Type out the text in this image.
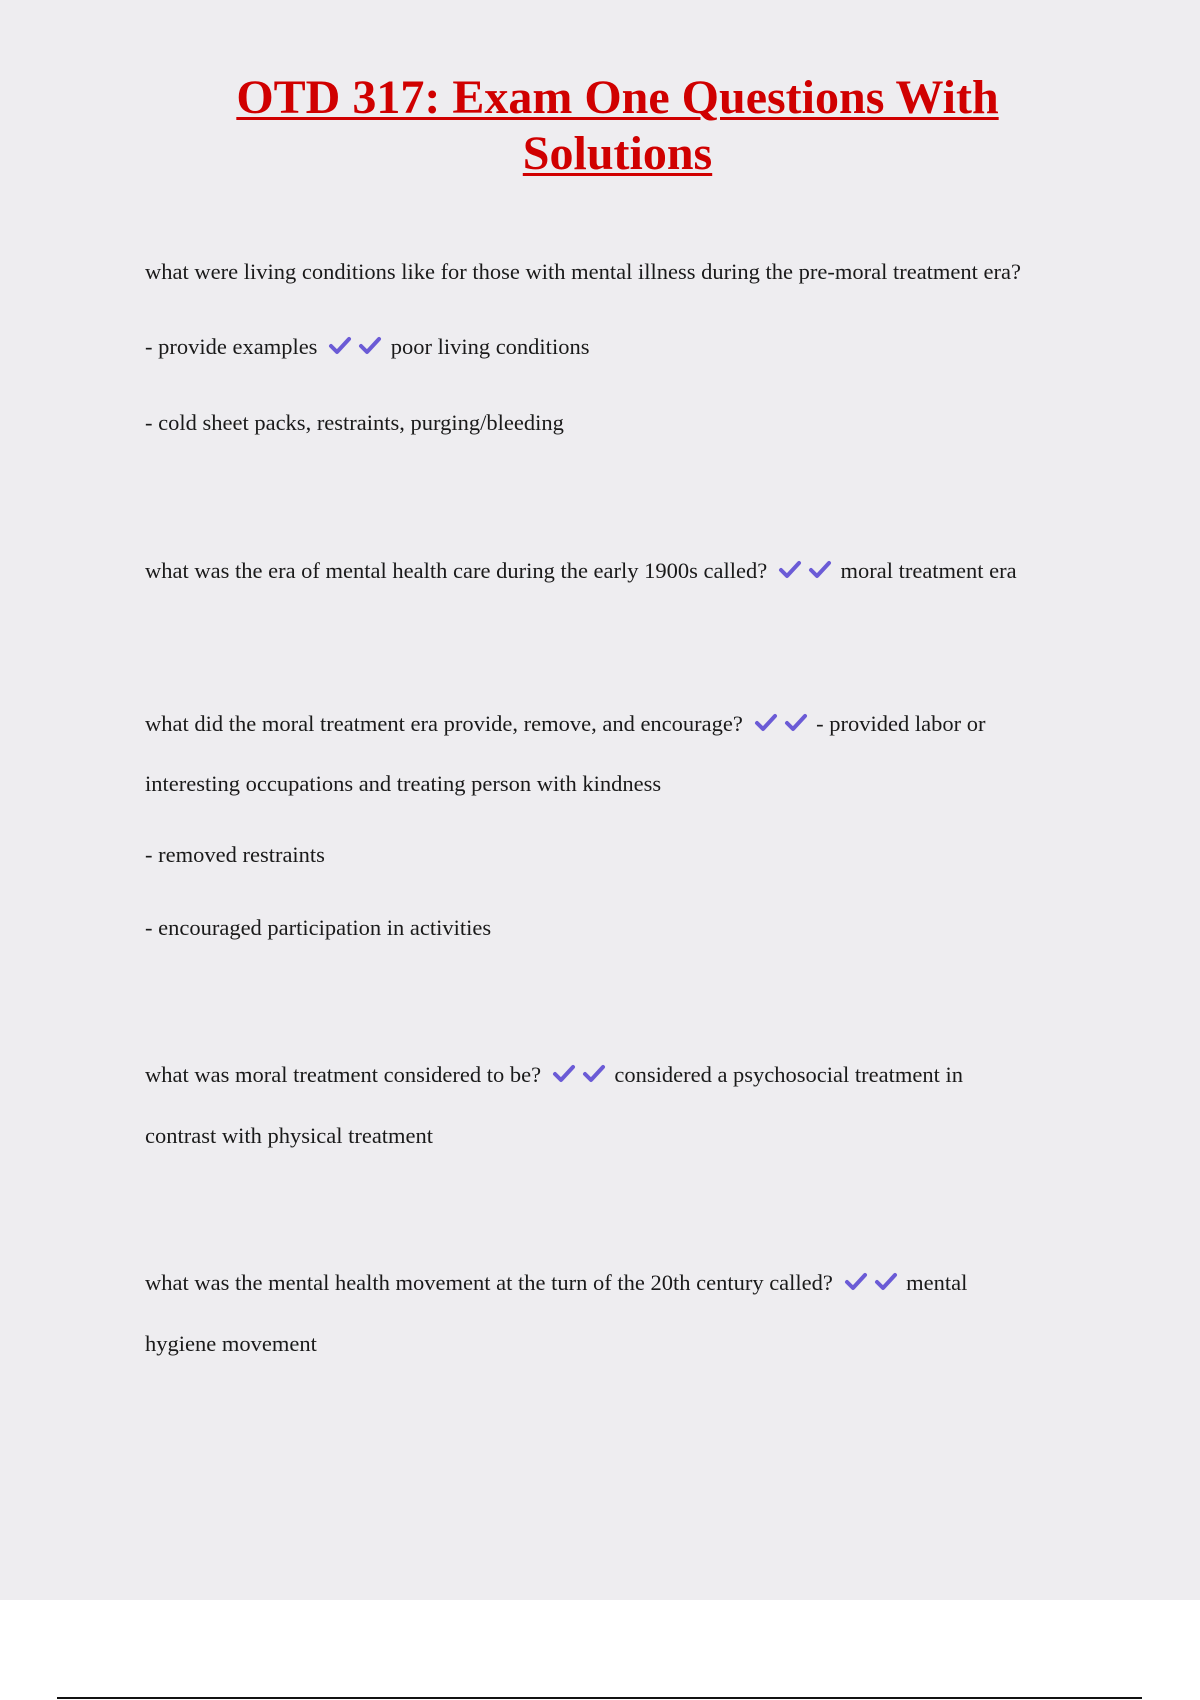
OTD 317: Exam One Questions With
Solutions
what were living conditions like for those with mental illness during the pre-moral treatment era?
- provide examples	poor living conditions
- cold sheet packs, restraints, purging/bleeding
what was the era of mental health care during the early 1900s called?	moral treatment era
what did the moral treatment era provide, remove, and encourage?	- provided labor or
interesting occupations and treating person with kindness
- removed restraints
- encouraged participation in activities
what was moral treatment considered to be?	considered a psychosocial treatment in
contrast with physical treatment
what was the mental health movement at the turn of the 20th century called?	mental
hygiene movement
